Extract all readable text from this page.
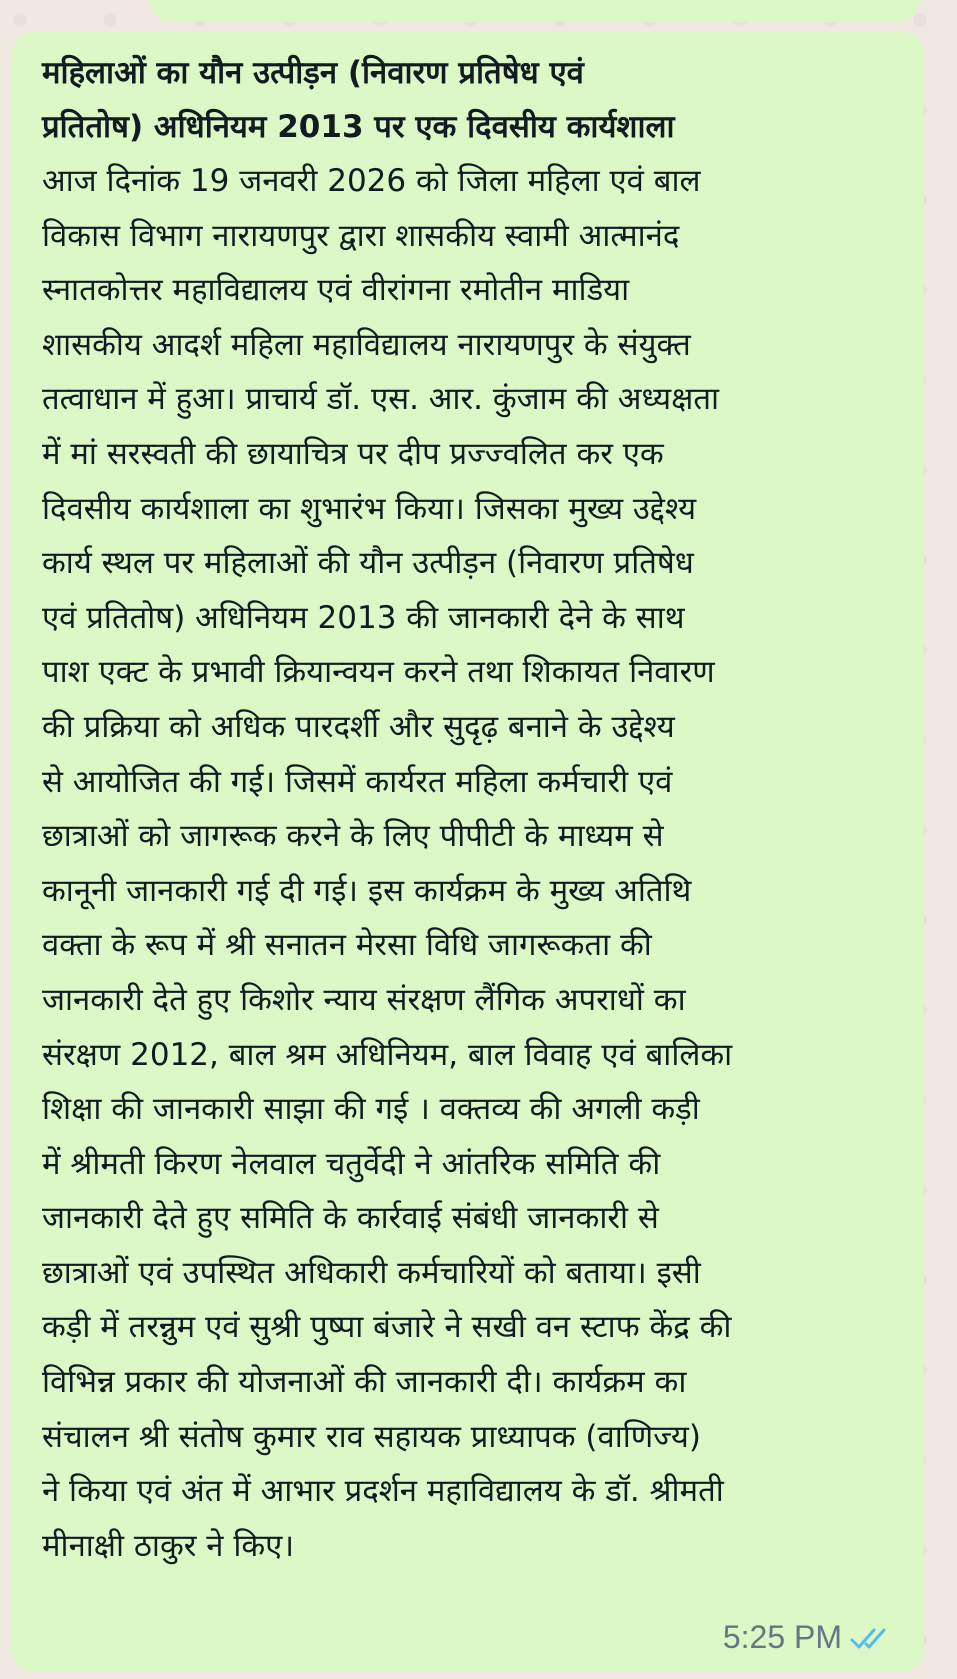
महिलाओं का यौन उत्पीड़न (निवारण प्रतिषेध एवं
प्रतितोष) अधिनियम 2013 पर एक दिवसीय कार्यशाला
आज दिनांक 19 जनवरी 2026 को जिला महिला एवं बाल
विकास विभाग नारायणपुर द्वारा शासकीय स्वामी आत्मानंद
स्नातकोत्तर महाविद्यालय एवं वीरांगना रमोतीन माडिया
शासकीय आदर्श महिला महाविद्यालय नारायणपुर के संयुक्त
तत्वाधान में हुआ। प्राचार्य डॉ. एस. आर. कुंजाम की अध्यक्षता
में मां सरस्वती की छायाचित्र पर दीप प्रज्ज्वलित कर एक
दिवसीय कार्यशाला का शुभारंभ किया। जिसका मुख्य उद्देश्य
कार्य स्थल पर महिलाओं की यौन उत्पीड़न (निवारण प्रतिषेध
एवं प्रतितोष) अधिनियम 2013 की जानकारी देने के साथ
पाश एक्ट के प्रभावी क्रियान्वयन करने तथा शिकायत निवारण
की प्रक्रिया को अधिक पारदर्शी और सुदृढ़ बनाने के उद्देश्य
से आयोजित की गई। जिसमें कार्यरत महिला कर्मचारी एवं
छात्राओं को जागरूक करने के लिए पीपीटी के माध्यम से
कानूनी जानकारी गई दी गई। इस कार्यक्रम के मुख्य अतिथि
वक्ता के रूप में श्री सनातन मेरसा विधि जागरूकता की
जानकारी देते हुए किशोर न्याय संरक्षण लैंगिक अपराधों का
संरक्षण 2012, बाल श्रम अधिनियम, बाल विवाह एवं बालिका
शिक्षा की जानकारी साझा की गई । वक्तव्य की अगली कड़ी
में श्रीमती किरण नेलवाल चतुर्वेदी ने आंतरिक समिति की
जानकारी देते हुए समिति के कार्रवाई संबंधी जानकारी से
छात्राओं एवं उपस्थित अधिकारी कर्मचारियों को बताया। इसी
कड़ी में तरन्नुम एवं सुश्री पुष्पा बंजारे ने सखी वन स्टाफ केंद्र की
विभिन्न प्रकार की योजनाओं की जानकारी दी। कार्यक्रम का
संचालन श्री संतोष कुमार राव सहायक प्राध्यापक (वाणिज्य)
ने किया एवं अंत में आभार प्रदर्शन महाविद्यालय के डॉ. श्रीमती
मीनाक्षी ठाकुर ने किए।
5:25 PM
